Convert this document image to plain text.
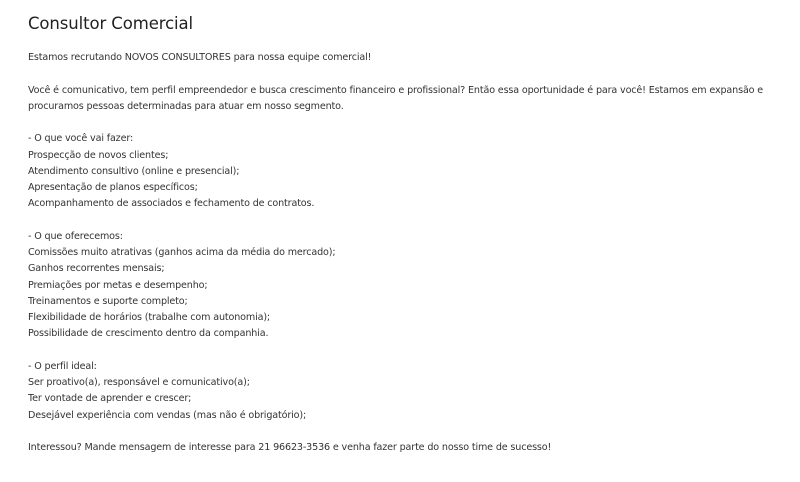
Consultor Comercial
Estamos recrutando NOVOS CONSULTORES para nossa equipe comercial!
Você é comunicativo, tem perfil empreendedor e busca crescimento financeiro e profissional? Então essa oportunidade é para você! Estamos em expansão e
procuramos pessoas determinadas para atuar em nosso segmento.
- O que você vai fazer:
Prospecção de novos clientes;
Atendimento consultivo (online e presencial);
Apresentação de planos específicos;
Acompanhamento de associados e fechamento de contratos.
- O que oferecemos:
Comissões muito atrativas (ganhos acima da média do mercado);
Ganhos recorrentes mensais;
Premiações por metas e desempenho;
Treinamentos e suporte completo;
Flexibilidade de horários (trabalhe com autonomia);
Possibilidade de crescimento dentro da companhia.
- O perfil ideal:
Ser proativo(a), responsável e comunicativo(a);
Ter vontade de aprender e crescer;
Desejável experiência com vendas (mas não é obrigatório);
Interessou? Mande mensagem de interesse para 21 96623-3536 e venha fazer parte do nosso time de sucesso!
